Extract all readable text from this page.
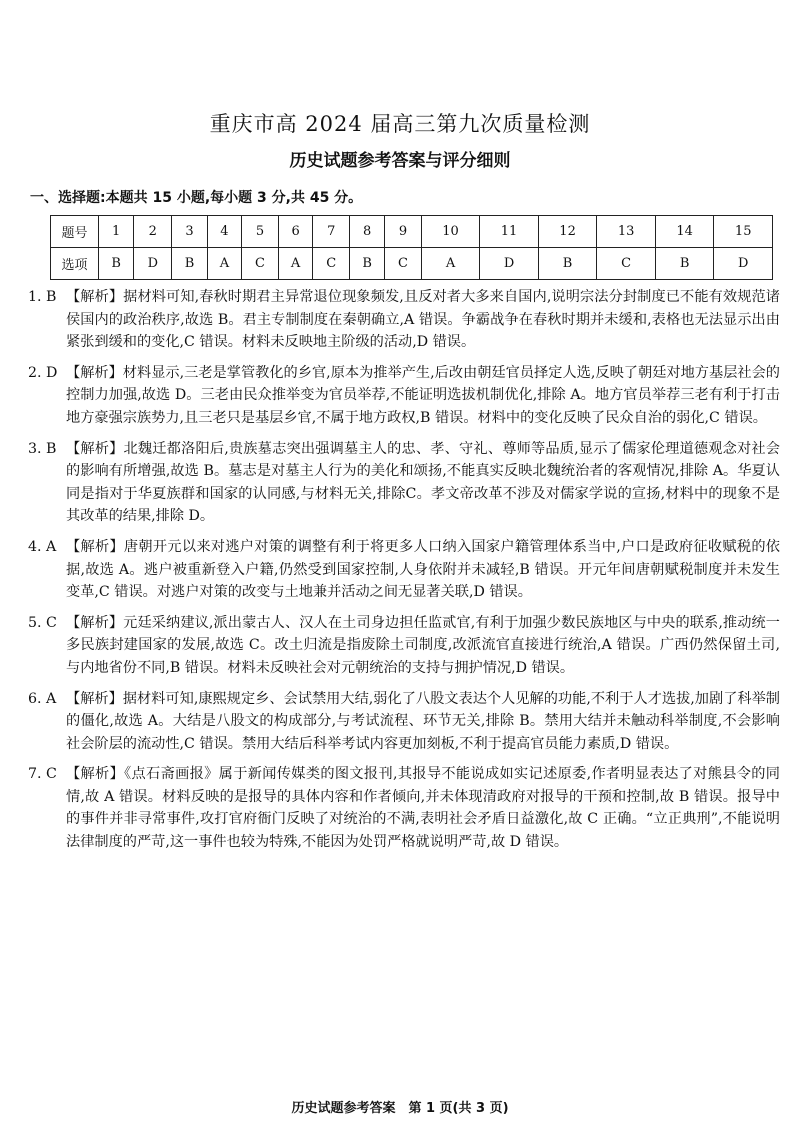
重庆市高 2024 届高三第九次质量检测
历史试题参考答案与评分细则
一、选择题:本题共 15 小题,每小题 3 分,共 45 分。
题号	1	2	3	4	5	6	7	8	9	10	11	12	13	14	15
选项	B	D	B	A	C	A	C	B	C	A	D	B	C	B	D
1. B 【解析】据材料可知,春秋时期君主异常退位现象频发,且反对者大多来自国内,说明宗法分封制度已不能有效规范诸侯国内的政治秩序,故选 B。君主专制制度在秦朝确立,A 错误。争霸战争在春秋时期并未缓和,表格也无法显示出由紧张到缓和的变化,C 错误。材料未反映地主阶级的活动,D 错误。
2. D 【解析】材料显示,三老是掌管教化的乡官,原本为推举产生,后改由朝廷官员择定人选,反映了朝廷对地方基层社会的控制力加强,故选 D。三老由民众推举变为官员举荐,不能证明选拔机制优化,排除 A。地方官员举荐三老有利于打击地方豪强宗族势力,且三老只是基层乡官,不属于地方政权,B 错误。材料中的变化反映了民众自治的弱化,C 错误。
3. B 【解析】北魏迁都洛阳后,贵族墓志突出强调墓主人的忠、孝、守礼、尊师等品质,显示了儒家伦理道德观念对社会的影响有所增强,故选 B。墓志是对墓主人行为的美化和颂扬,不能真实反映北魏统治者的客观情况,排除 A。华夏认同是指对于华夏族群和国家的认同感,与材料无关,排除C。孝文帝改革不涉及对儒家学说的宣扬,材料中的现象不是其改革的结果,排除 D。
4. A 【解析】唐朝开元以来对逃户对策的调整有利于将更多人口纳入国家户籍管理体系当中,户口是政府征收赋税的依据,故选 A。逃户被重新登入户籍,仍然受到国家控制,人身依附并未减轻,B 错误。开元年间唐朝赋税制度并未发生变革,C 错误。对逃户对策的改变与土地兼并活动之间无显著关联,D 错误。
5. C 【解析】元廷采纳建议,派出蒙古人、汉人在土司身边担任监贰官,有利于加强少数民族地区与中央的联系,推动统一多民族封建国家的发展,故选 C。改土归流是指废除土司制度,改派流官直接进行统治,A 错误。广西仍然保留土司,与内地省份不同,B 错误。材料未反映社会对元朝统治的支持与拥护情况,D 错误。
6. A 【解析】据材料可知,康熙规定乡、会试禁用大结,弱化了八股文表达个人见解的功能,不利于人才选拔,加剧了科举制的僵化,故选 A。大结是八股文的构成部分,与考试流程、环节无关,排除 B。禁用大结并未触动科举制度,不会影响社会阶层的流动性,C 错误。禁用大结后科举考试内容更加刻板,不利于提高官员能力素质,D 错误。
7. C 【解析】《点石斋画报》属于新闻传媒类的图文报刊,其报导不能说成如实记述原委,作者明显表达了对熊县令的同情,故 A 错误。材料反映的是报导的具体内容和作者倾向,并未体现清政府对报导的干预和控制,故 B 错误。报导中的事件并非寻常事件,攻打官府衙门反映了对统治的不满,表明社会矛盾日益激化,故 C 正确。“立正典刑”,不能说明法律制度的严苛,这一事件也较为特殊,不能因为处罚严格就说明严苛,故 D 错误。
历史试题参考答案　第 1 页(共 3 页)
